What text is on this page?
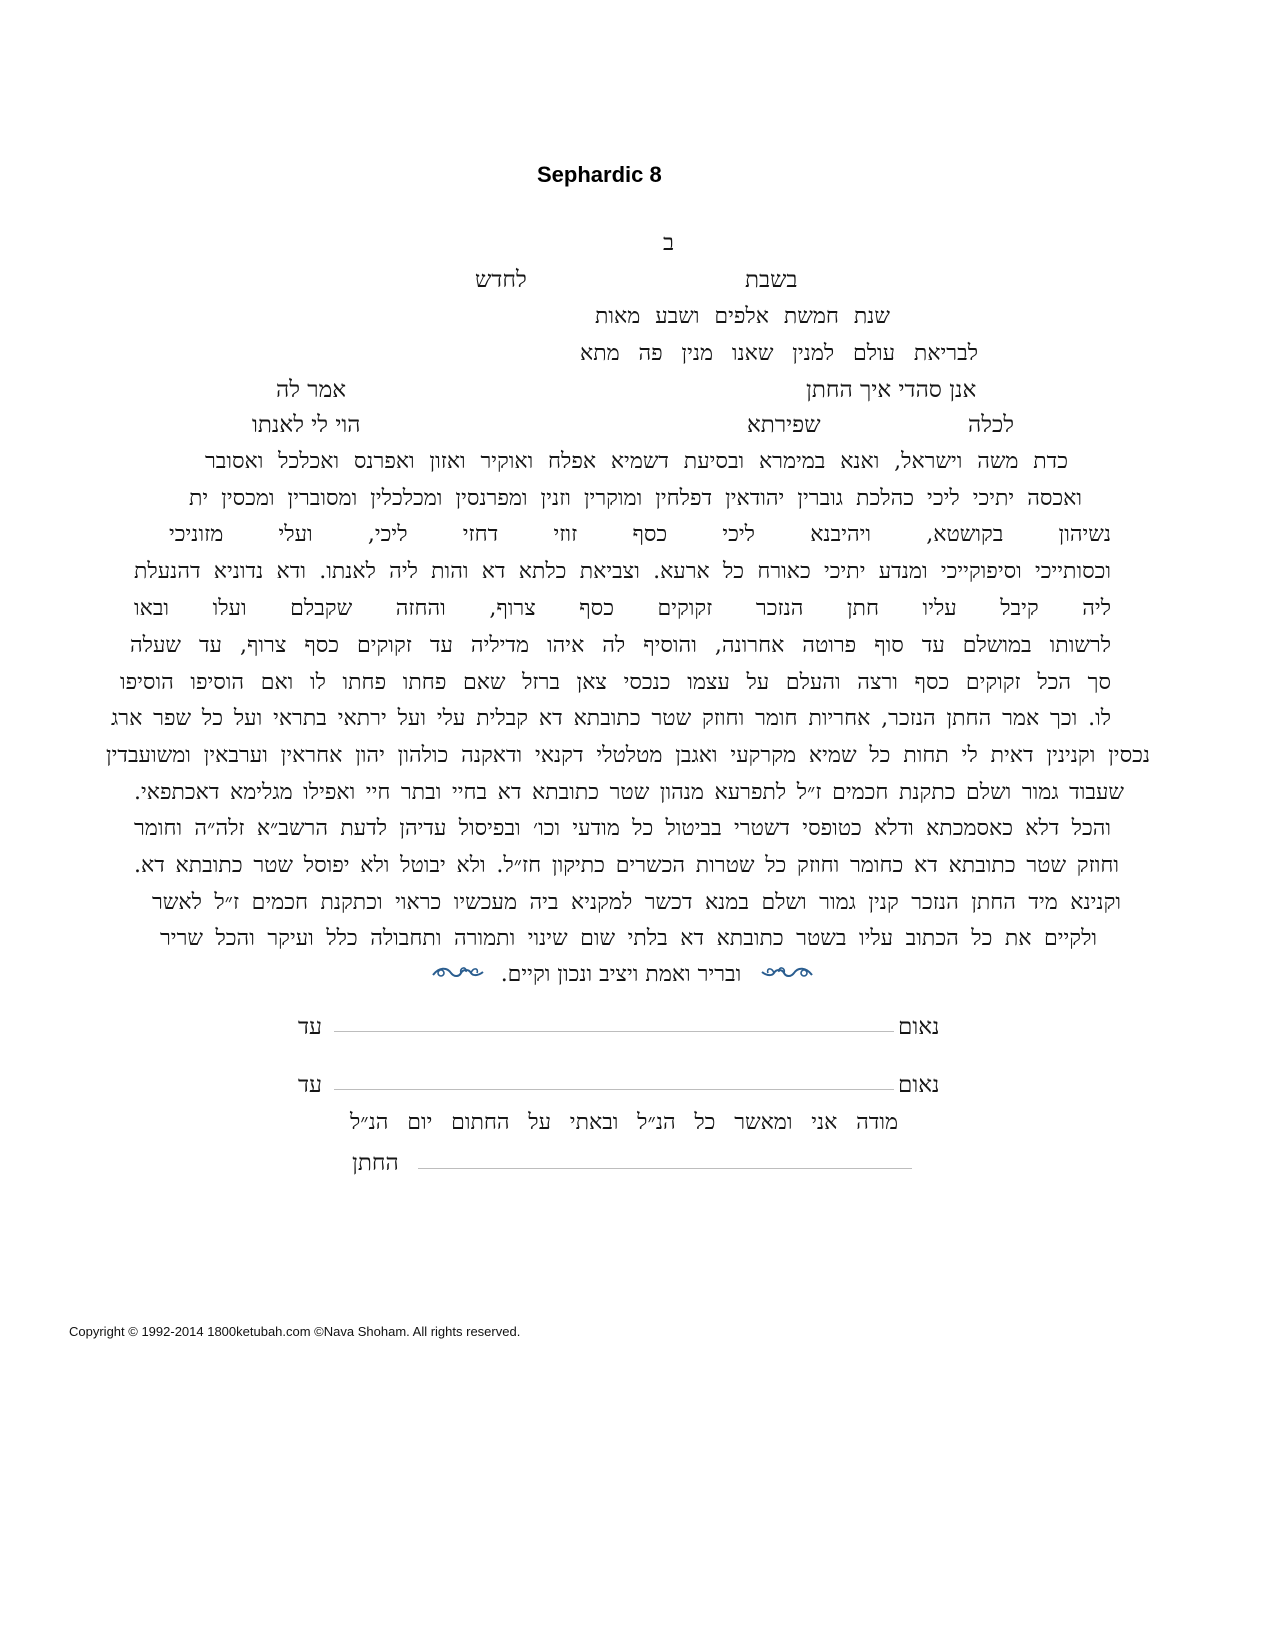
Sephardic 8
ב
בשבת
לחדש
שנת חמשת אלפים ושבע מאות
לבריאת עולם למנין שאנו מנין פה מתא
אנן סהדי איך החתן
אמר לה
לכלה
שפירתא
הוי לי לאנתו
כדת משה וישראל, ואנא במימרא ובסיעת דשמיא אפלח ואוקיר ואזון ואפרנס ואכלכל ואסובר
ואכסה יתיכי ליכי כהלכת גוברין יהודאין דפלחין ומוקרין וזנין ומפרנסין ומכלכלין ומסוברין ומכסין ית
נשיהון בקושטא, ויהיבנא ליכי כסף זוזי דחזי ליכי, ועלי מזוניכי
וכסותייכי וסיפוקייכי ומנדע יתיכי כאורח כל ארעא. וצביאת כלתא דא והות ליה לאנתו. ודא נדוניא דהנעלת
ליה קיבל עליו חתן הנזכר זקוקים כסף צרוף, והחזה שקבלם ועלו ובאו
לרשותו במושלם עד סוף פרוטה אחרונה, והוסיף לה איהו מדיליה עד זקוקים כסף צרוף, עד שעלה
סך הכל זקוקים כסף ורצה והעלם על עצמו כנכסי צאן ברזל שאם פחתו פחתו לו ואם הוסיפו הוסיפו
לו. וכך אמר החתן הנזכר, אחריות חומר וחוזק שטר כתובתא דא קבלית עלי ועל ירתאי בתראי ועל כל שפר ארג
נכסין וקנינין דאית לי תחות כל שמיא מקרקעי ואגבן מטלטלי דקנאי ודאקנה כולהון יהון אחראין וערבאין ומשועבדין
שעבוד גמור ושלם כתקנת חכמים ז״ל לתפרעא מנהון שטר כתובתא דא בחיי ובתר חיי ואפילו מגלימא דאכתפאי.
והכל דלא כאסמכתא ודלא כטופסי דשטרי בביטול כל מודעי וכו׳ ובפיסול עדיהן לדעת הרשב״א זלה״ה וחומר
וחוזק שטר כתובתא דא כחומר וחוזק כל שטרות הכשרים כתיקון חז״ל. ולא יבוטל ולא יפוסל שטר כתובתא דא.
וקנינא מיד החתן הנזכר קנין גמור ושלם במנא דכשר למקניא ביה מעכשיו כראוי וכתקנת חכמים ז״ל לאשר
ולקיים את כל הכתוב עליו בשטר כתובתא דא בלתי שום שינוי ותמורה ותחבולה כלל ועיקר והכל שריר
ובריר ואמת ויציב ונכון וקיים.
נאום
עד
נאום
עד
מודה אני ומאשר כל הנ״ל ובאתי על החתום יום הנ״ל
החתן
Copyright © 1992-2014 1800ketubah.com ©Nava Shoham. All rights reserved.
